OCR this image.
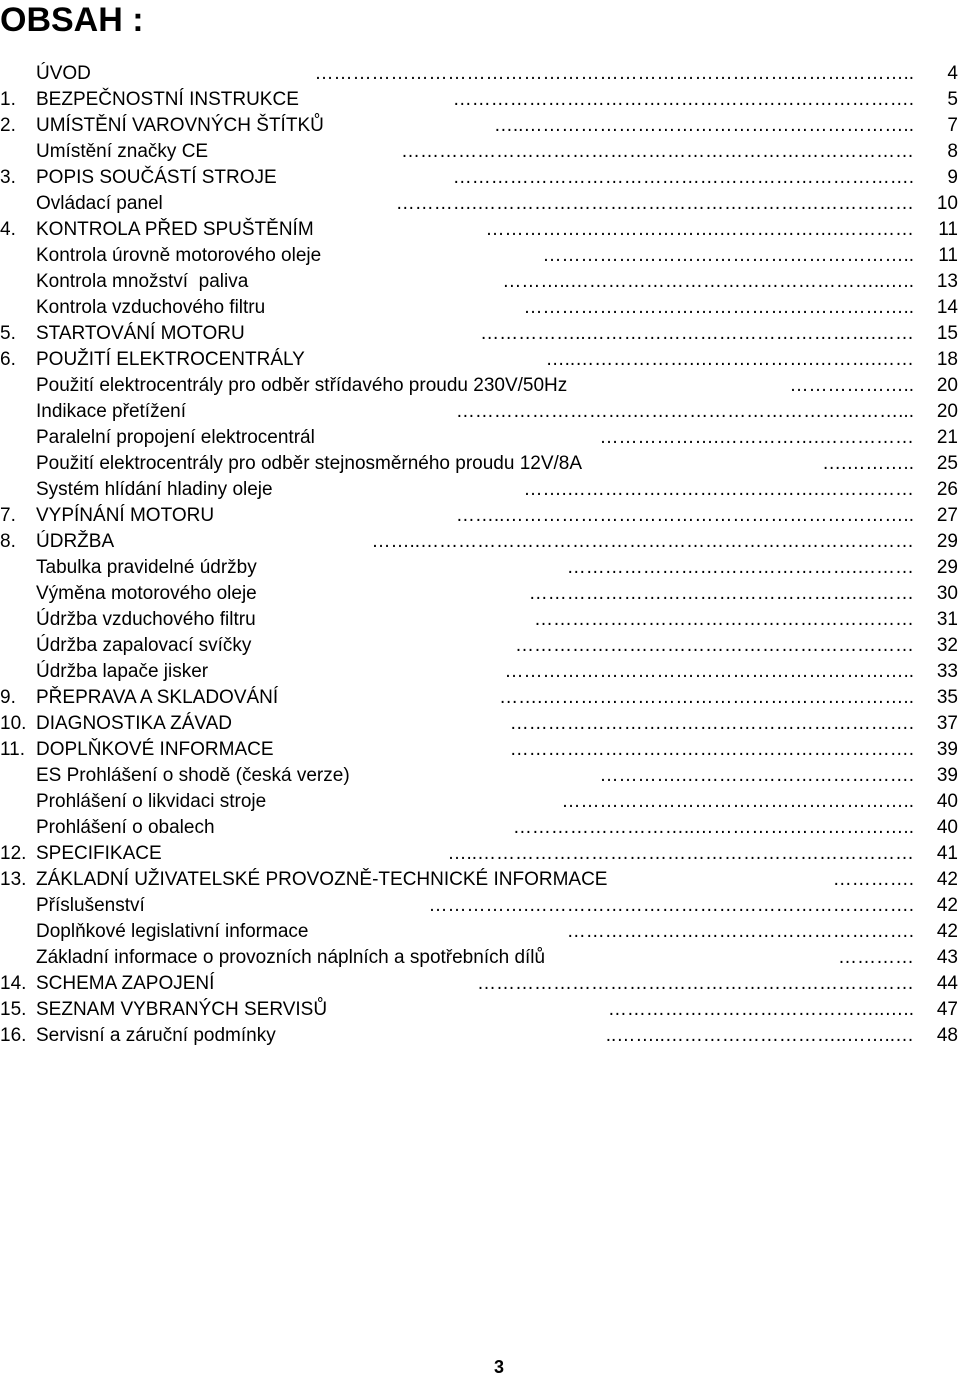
OBSAH :
ÚVOD	…………………………………………………………………………………..	4
1.	BEZPEČNOSTNÍ INSTRUKCE	……………………………………………………………….	5
2.	UMÍSTĚNÍ VAROVNÝCH ŠTÍTKŮ	…..……………………………………………………..	7
Umístění značky CE	………………………………………………………………………	8
3.	POPIS SOUČÁSTÍ STROJE	……………………………………………………………….	9
Ovládací panel	………….……………………………………………………………	10
4.	KONTROLA PŘED SPUŠTĚNÍM	……………………………….……………….…………	11
Kontrola úrovně motorového oleje	…………………………………………………..	11
Kontrola množství  paliva	………..…………………………………………..…..	13
Kontrola vzduchového filtru	……………………………………………………..	14
5.	STARTOVÁNÍ MOTORU	……………..……………………………………….……	15
6.	POUŽITÍ ELEKTROCENTRÁLY	…..……………….……………….……….……	18
Použití elektrocentrály pro odběr střídavého proudu 230V/50Hz	………………..	20
Indikace přetížení	……………………….……………………………………...	20
Paralelní propojení elektrocentrál	……………….…………….……………	21
Použití elektrocentrály pro odběr stejnosměrného proudu 12V/8A	….………..	25
Systém hlídání hladiny oleje	…….………………………………….……………	26
7.	VYPÍNÁNÍ MOTORU	……..………………………………………………………..	27
8.	ÚDRŽBA	……..……………………………………………………………………	29
Tabulka pravidelné údržby	……………………………………….………	29
Výměna motorového oleje	…………………………………………….………	30
Údržba vzduchového filtru	……………………………………………………	31
Údržba zapalovací svíčky	………………………………………………………	32
Údržba lapače jisker	………………………………………………………..	33
9.	PŘEPRAVA A SKLADOVÁNÍ	…….…………………………………………………..	35
10. DIAGNOSTIKA ZÁVAD	……………………………………………………….	37
11. DOPLŇKOVÉ INFORMACE	……………………………………………………….	39
ES Prohlášení o shodě (česká verze)	………….……………………………….	39
Prohlášení o likvidaci stroje	………………………………………………..	40
Prohlášení o obalech	………………………..……………………………..	40
12. SPECIFIKACE	…..……………………………………………………………	41
13. ZÁKLADNÍ UŽIVATELSKÉ PROVOZNĚ-TECHNICKÉ INFORMACE	………….	42
Příslušenství	…………….…………………………………………………….	42
Doplňkové legislativní informace	……………………………………………….	42
Základní informace o provozních náplních a spotřebních dílů	…………	43
14. SCHEMA ZAPOJENÍ	……………………………………………………………	44
15. SEZNAM VYBRANÝCH SERVISŮ	……………………………………..…..	47
16. Servisní a záruční podmínky	..……..………………………..……..…	48
3
